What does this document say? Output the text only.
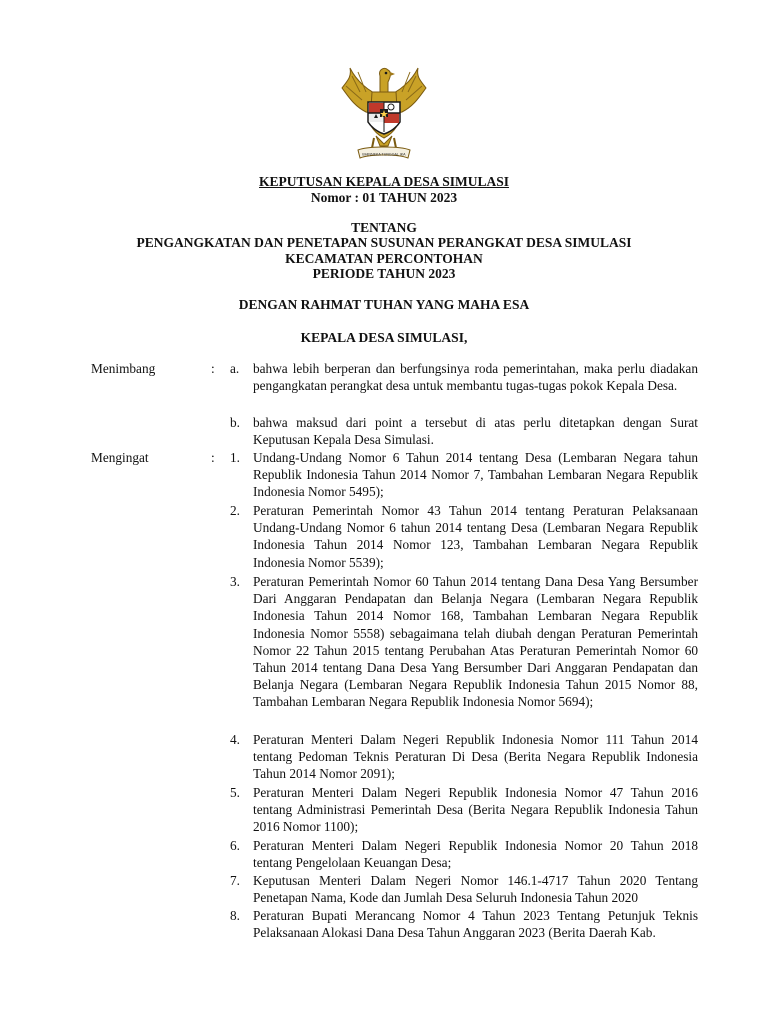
BHINNEKA TUNGGAL IKA
KEPUTUSAN KEPALA DESA SIMULASI
Nomor : 01 TAHUN 2023
TENTANG
PENGANGKATAN DAN PENETAPAN SUSUNAN PERANGKAT DESA SIMULASI
KECAMATAN PERCONTOHAN
PERIODE TAHUN 2023
DENGAN RAHMAT TUHAN YANG MAHA ESA
KEPALA DESA SIMULASI,
Menimbang	:	a.	bahwa lebih berperan dan berfungsinya roda pemerintahan, maka perlu diadakan pengangkatan perangkat desa untuk membantu tugas-tugas pokok Kepala Desa.
b. bahwa maksud dari point a tersebut di atas perlu ditetapkan dengan Surat Keputusan Kepala Desa Simulasi.
Mengingat	:	1. Undang-Undang Nomor 6 Tahun 2014 tentang Desa (Lembaran Negara tahun Republik Indonesia Tahun 2014 Nomor 7, Tambahan Lembaran Negara Republik Indonesia Nomor 5495);
2. Peraturan Pemerintah Nomor 43 Tahun 2014 tentang Peraturan Pelaksanaan Undang-Undang Nomor 6 tahun 2014 tentang Desa (Lembaran Negara Republik Indonesia Tahun 2014 Nomor 123, Tambahan Lembaran Negara Republik Indonesia Nomor 5539);
3. Peraturan Pemerintah Nomor 60 Tahun 2014 tentang Dana Desa Yang Bersumber Dari Anggaran Pendapatan dan Belanja Negara (Lembaran Negara Republik Indonesia Tahun 2014 Nomor 168, Tambahan Lembaran Negara Republik Indonesia Nomor 5558) sebagaimana telah diubah dengan Peraturan Pemerintah Nomor 22 Tahun 2015 tentang Perubahan Atas Peraturan Pemerintah Nomor 60 Tahun 2014 tentang Dana Desa Yang Bersumber Dari Anggaran Pendapatan dan Belanja Negara (Lembaran Negara Republik Indonesia Tahun 2015 Nomor 88, Tambahan Lembaran Negara Republik Indonesia Nomor 5694);
4. Peraturan Menteri Dalam Negeri Republik Indonesia Nomor 111 Tahun 2014 tentang Pedoman Teknis Peraturan Di Desa (Berita Negara Republik Indonesia Tahun 2014 Nomor 2091);
5. Peraturan Menteri Dalam Negeri Republik Indonesia Nomor 47 Tahun 2016 tentang Administrasi Pemerintah Desa (Berita Negara Republik Indonesia Tahun 2016 Nomor 1100);
6. Peraturan Menteri Dalam Negeri Republik Indonesia Nomor 20 Tahun 2018 tentang Pengelolaan Keuangan Desa;
7. Keputusan Menteri Dalam Negeri Nomor 146.1-4717 Tahun 2020 Tentang Penetapan Nama, Kode dan Jumlah Desa Seluruh Indonesia Tahun 2020
8. Peraturan Bupati Merancang Nomor 4 Tahun 2023 Tentang Petunjuk Teknis Pelaksanaan Alokasi Dana Desa Tahun Anggaran 2023 (Berita Daerah Kab.
